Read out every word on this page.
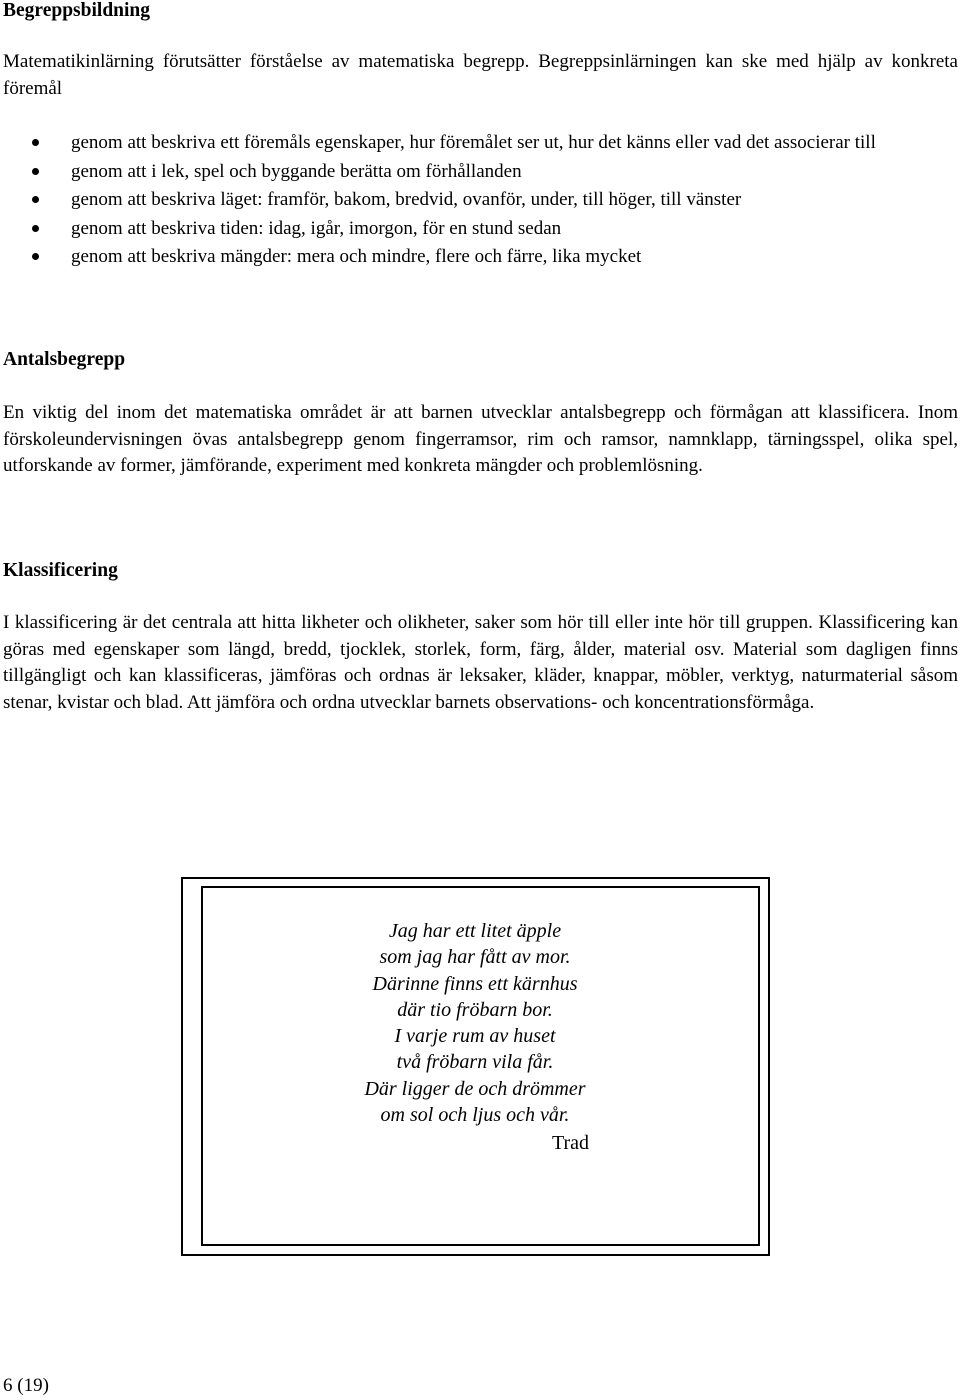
Begreppsbildning

Matematikinlärning förutsätter förståelse av matematiska begrepp. Begreppsinlärningen kan ske med hjälp av konkreta föremål

genom att beskriva ett föremåls egenskaper, hur föremålet ser ut, hur det känns eller vad det associerar till
genom att i lek, spel och byggande berätta om förhållanden
genom att beskriva läget: framför, bakom, bredvid, ovanför, under, till höger, till vänster
genom att beskriva tiden: idag, igår, imorgon, för en stund sedan
genom att beskriva mängder: mera och mindre, flere och färre, lika mycket
Antalsbegrepp

En viktig del inom det matematiska området är att barnen utvecklar antalsbegrepp och förmågan att klassificera. Inom förskoleundervisningen övas antalsbegrepp genom fingerramsor, rim och ramsor, namnklapp, tärningsspel, olika spel, utforskande av former, jämförande, experiment med konkreta mängder och problemlösning.

Klassificering

I klassificering är det centrala att hitta likheter och olikheter, saker som hör till eller inte hör till gruppen. Klassificering kan göras med egenskaper som längd, bredd, tjocklek, storlek, form, färg, ålder, material osv. Material som dagligen finns tillgängligt och kan klassificeras, jämföras och ordnas är leksaker, kläder, knappar, möbler, verktyg, naturmaterial såsom stenar, kvistar och blad. Att jämföra och ordna utvecklar barnets observations- och koncentrationsförmåga.

Jag har ett litet äpple
som jag har fått av mor.
Därinne finns ett kärnhus
där tio fröbarn bor.
I varje rum av huset
två fröbarn vila får.
Där ligger de och drömmer
om sol och ljus och vår.
Trad
6 (19)
